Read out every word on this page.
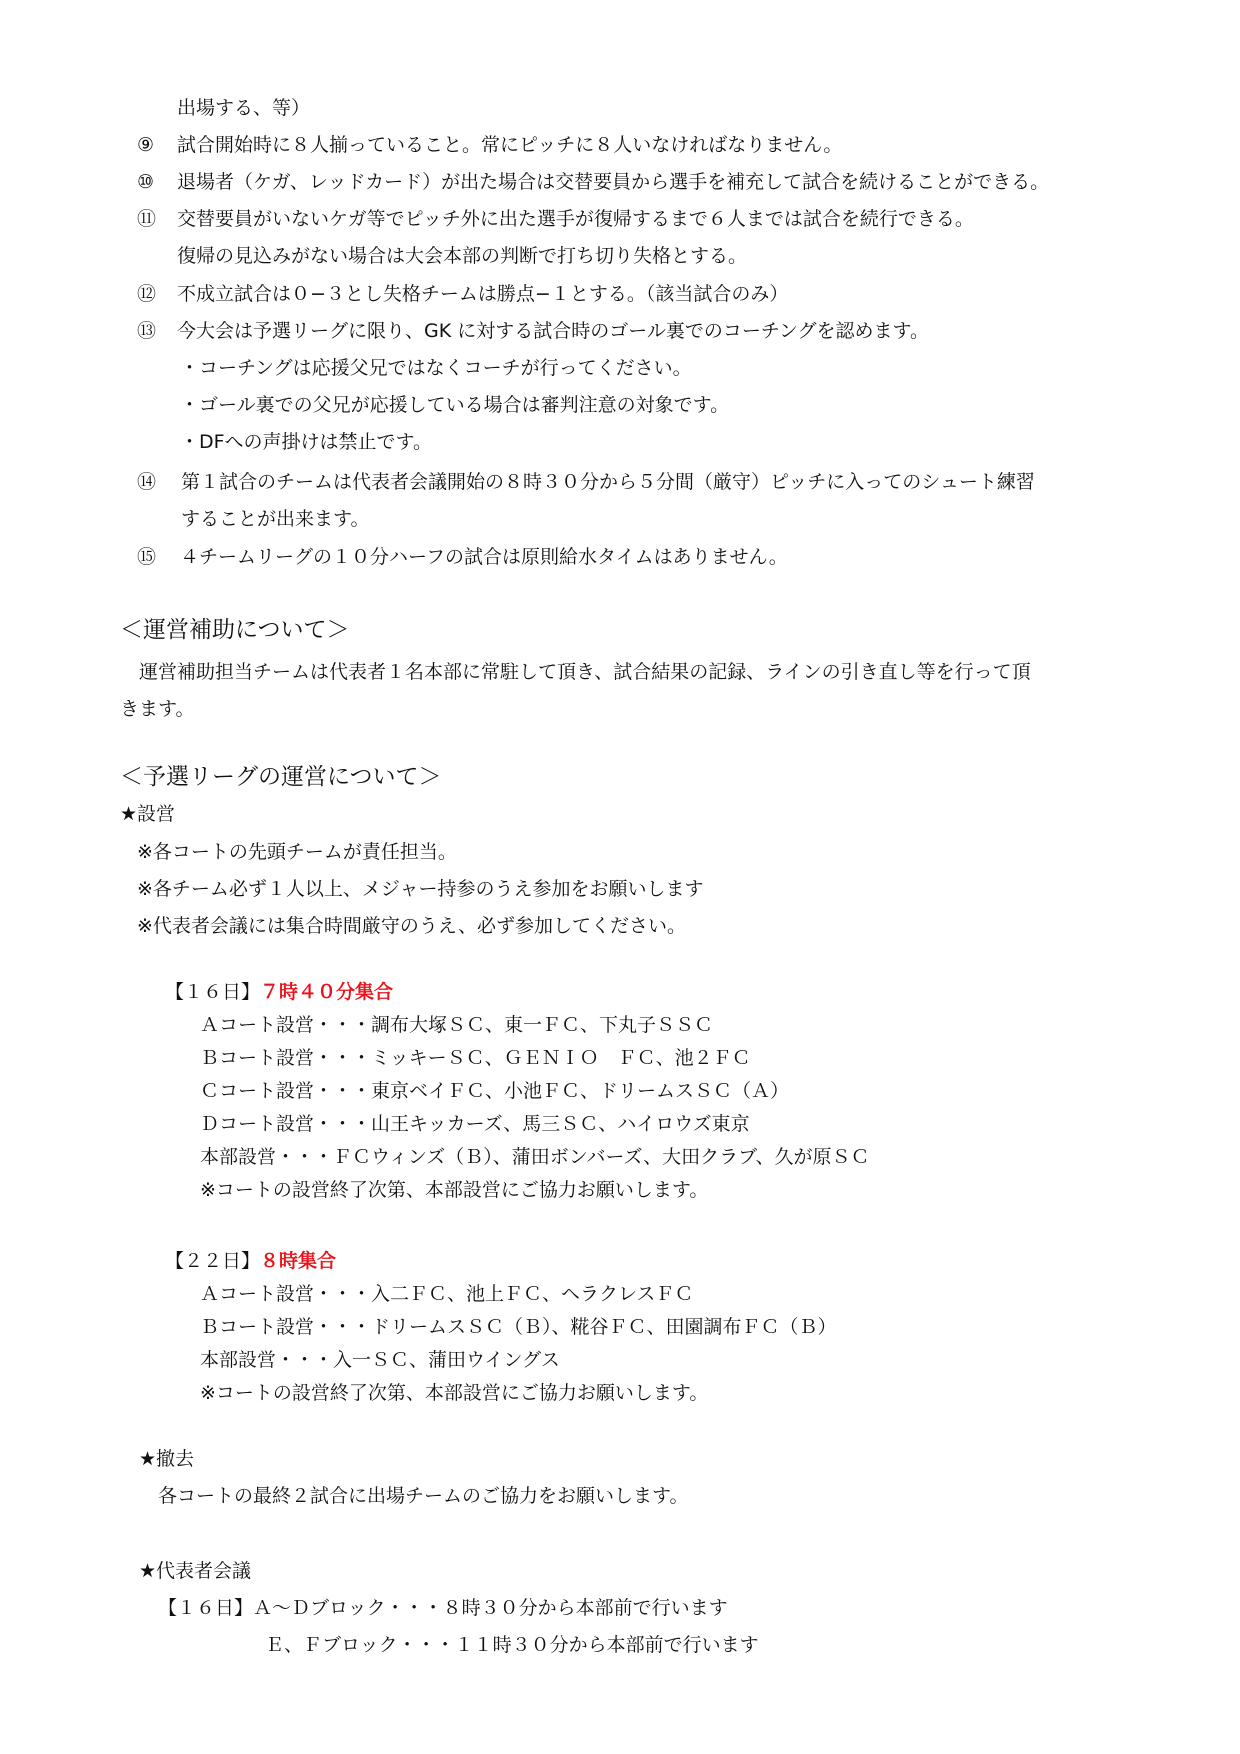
出場する、等）
⑨ 試合開始時に８人揃っていること。常にピッチに８人いなければなりません。
⑩ 退場者（ケガ、レッドカード）が出た場合は交替要員から選手を補充して試合を続けることができる。
⑪ 交替要員がいないケガ等でピッチ外に出た選手が復帰するまで６人までは試合を続行できる。
復帰の見込みがない場合は大会本部の判断で打ち切り失格とする。
⑫ 不成立試合は０−３とし失格チームは勝点−１とする。（該当試合のみ）
⑬ 今大会は予選リーグに限り、GK に対する試合時のゴール裏でのコーチングを認めます。
・コーチングは応援父兄ではなくコーチが行ってください。
・ゴール裏での父兄が応援している場合は審判注意の対象です。
・DFへの声掛けは禁止です。
⑭ 第１試合のチームは代表者会議開始の８時３０分から５分間（厳守）ピッチに入ってのシュート練習
することが出来ます。
⑮ ４チームリーグの１０分ハーフの試合は原則給水タイムはありません。
＜運営補助について＞
運営補助担当チームは代表者１名本部に常駐して頂き、試合結果の記録、ラインの引き直し等を行って頂
きます。
＜予選リーグの運営について＞
★設営
※各コートの先頭チームが責任担当。
※各チーム必ず１人以上、メジャー持参のうえ参加をお願いします
※代表者会議には集合時間厳守のうえ、必ず参加してください。
【１６日】７時４０分集合
Ａコート設営・・・調布大塚ＳＣ、東一ＦＣ、下丸子ＳＳＣ
Ｂコート設営・・・ミッキーＳＣ、ＧＥＮＩＯ　ＦＣ、池２ＦＣ
Ｃコート設営・・・東京ベイＦＣ、小池ＦＣ、ドリームスＳＣ（Ａ）
Ｄコート設営・・・山王キッカーズ、馬三ＳＣ、ハイロウズ東京
本部設営・・・ＦＣウィンズ（Ｂ）、蒲田ボンバーズ、大田クラブ、久が原ＳＣ
※コートの設営終了次第、本部設営にご協力お願いします。
【２２日】８時集合
Ａコート設営・・・入二ＦＣ、池上ＦＣ、ヘラクレスＦＣ
Ｂコート設営・・・ドリームスＳＣ（Ｂ）、糀谷ＦＣ、田園調布ＦＣ（Ｂ）
本部設営・・・入一ＳＣ、蒲田ウイングス
※コートの設営終了次第、本部設営にご協力お願いします。
★撤去
各コートの最終２試合に出場チームのご協力をお願いします。
★代表者会議
【１６日】Ａ～Ｄブロック・・・８時３０分から本部前で行います
Ｅ、Ｆブロック・・・１１時３０分から本部前で行います
